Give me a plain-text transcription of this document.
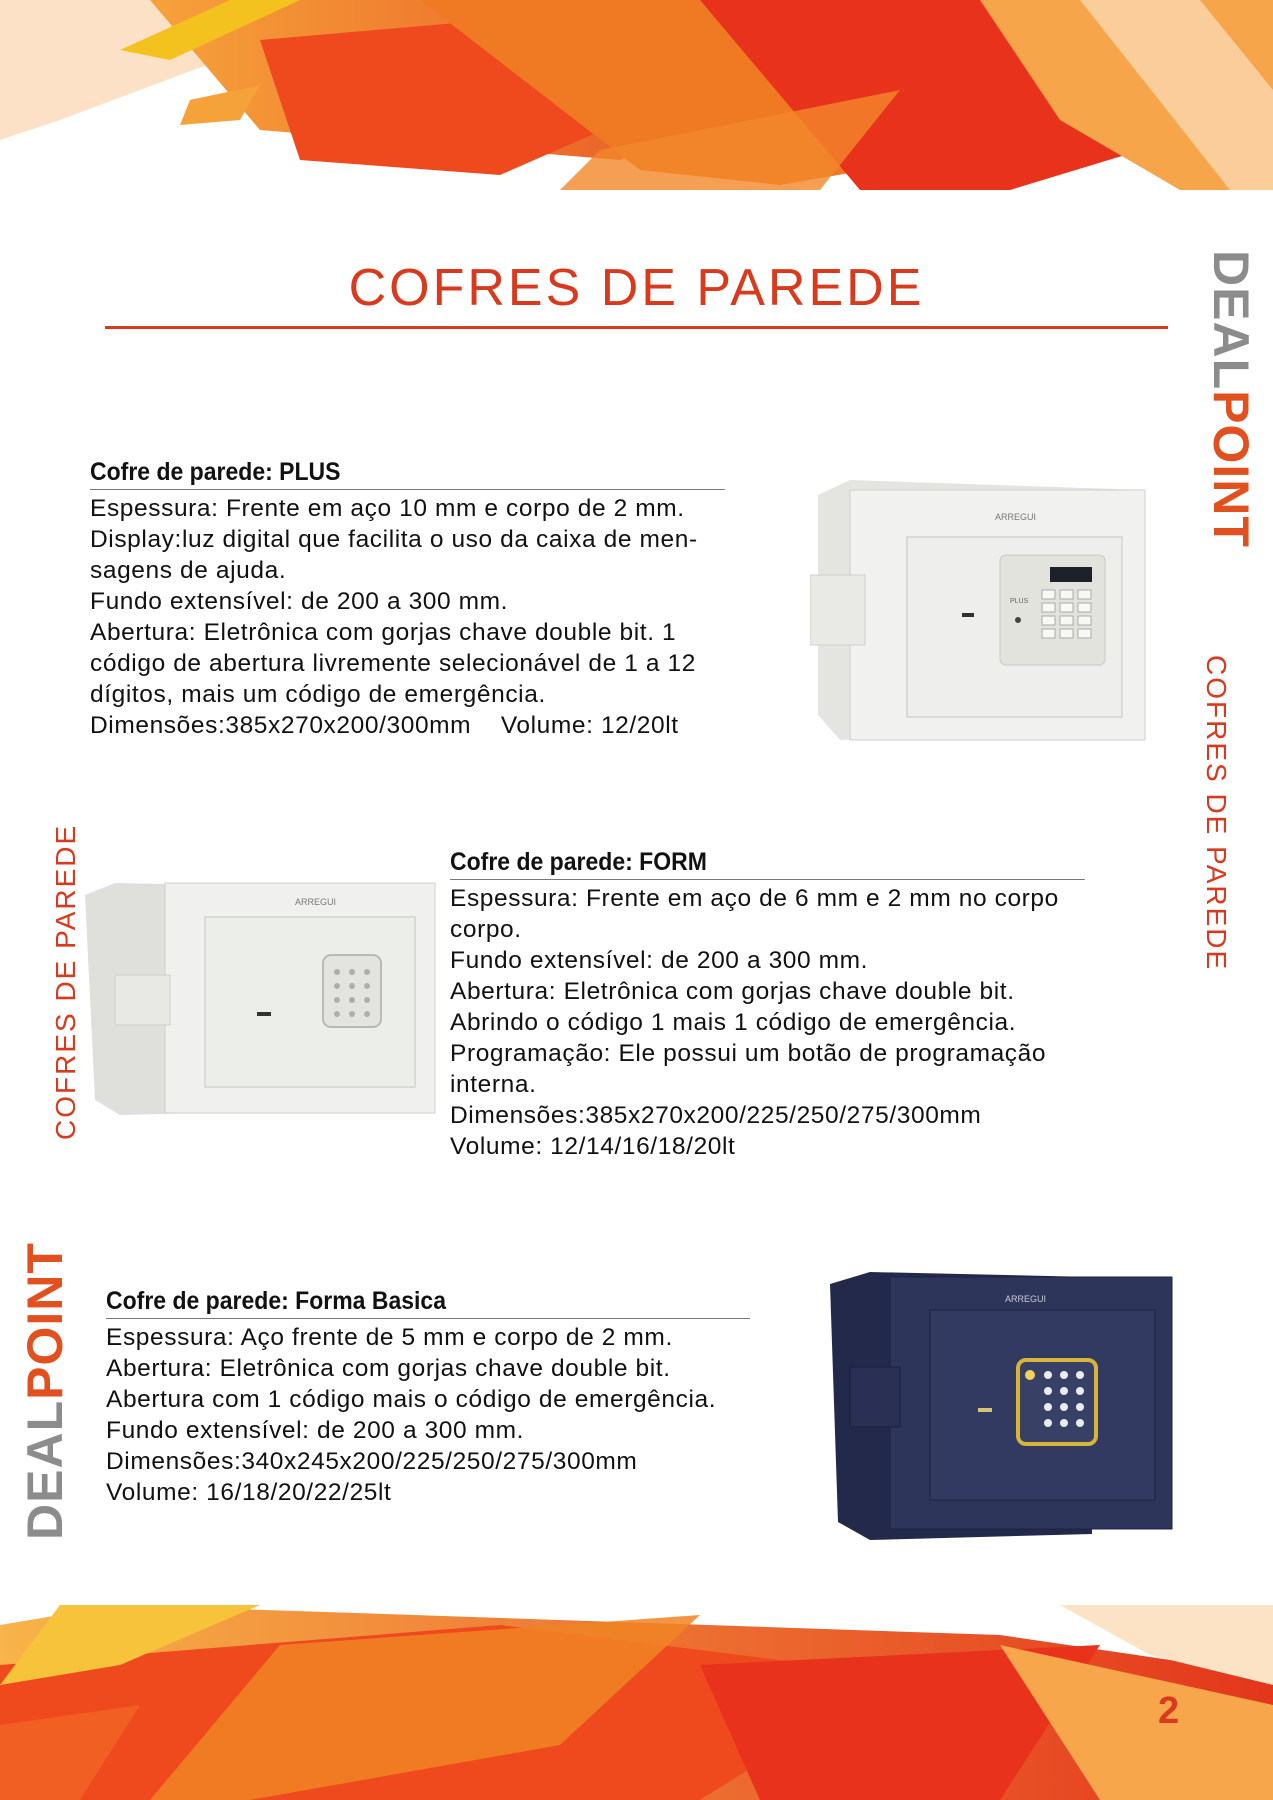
COFRES DE PAREDE	DEALPOINT
COFRES DE PAREDE
DEALPOINT
COFRES DE PAREDE
Cofre de parede: PLUS
Espessura: Frente em aço 10 mm e corpo de 2 mm.
Display:luz digital que facilita o uso da caixa de men-
sagens de ajuda.
Fundo extensível: de 200 a 300 mm.
Abertura: Eletrônica com gorjas chave double bit. 1
código de abertura livremente selecionável de 1 a 12
dígitos, mais um código de emergência.
Dimensões:385x270x200/300mm    Volume: 12/20lt
ARREGUI
PLUS
Cofre de parede: FORM
Espessura: Frente em aço de 6 mm e 2 mm no corpo
corpo.
Fundo extensível: de 200 a 300 mm.
Abertura: Eletrônica com gorjas chave double bit.
Abrindo o código 1 mais 1 código de emergência.
Programação: Ele possui um botão de programação
interna.
Dimensões:385x270x200/225/250/275/300mm
Volume: 12/14/16/18/20lt
ARREGUI
Cofre de parede: Forma Basica
Espessura: Aço frente de 5 mm e corpo de 2 mm.
Abertura: Eletrônica com gorjas chave double bit.
Abertura com 1 código mais o código de emergência.
Fundo extensível: de 200 a 300 mm.
Dimensões:340x245x200/225/250/275/300mm
Volume: 16/18/20/22/25lt
ARREGUI
2
